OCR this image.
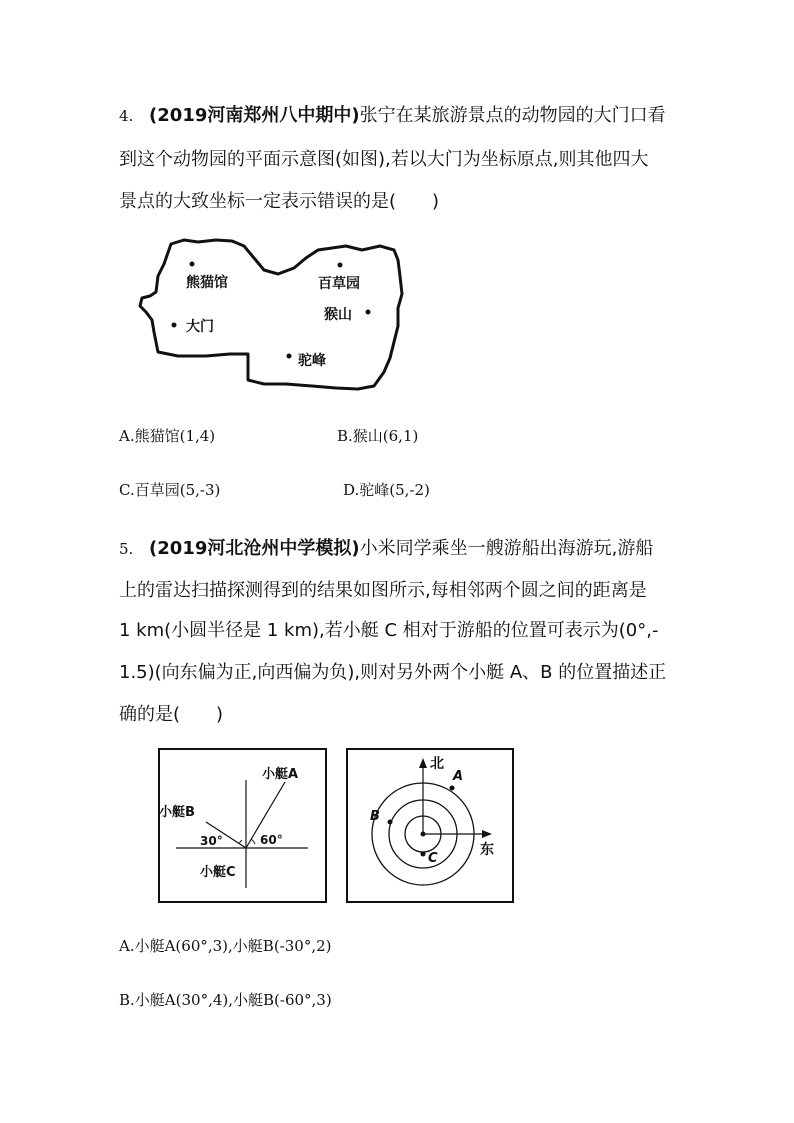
4. (2019河南郑州八中期中)张宁在某旅游景点的动物园的大门口看
到这个动物园的平面示意图(如图),若以大门为坐标原点,则其他四大
景点的大致坐标一定表示错误的是(　　)
熊猫馆	百草园
猴山
大门
驼峰
A.熊猫馆(1,4)	B.猴山(6,1)
C.百草园(5,-3)	D.驼峰(5,-2)
5. (2019河北沧州中学模拟)小米同学乘坐一艘游船出海游玩,游船
上的雷达扫描探测得到的结果如图所示,每相邻两个圆之间的距离是
1 km(小圆半径是 1 km),若小艇 C 相对于游船的位置可表示为(0°,-
1.5)(向东偏为正,向西偏为负),则对另外两个小艇 A、B 的位置描述正
确的是(　　)
小艇A
小艇B
30°	60°
小艇C
北
东
A
B
C
A.小艇A(60°,3),小艇B(-30°,2)
B.小艇A(30°,4),小艇B(-60°,3)
